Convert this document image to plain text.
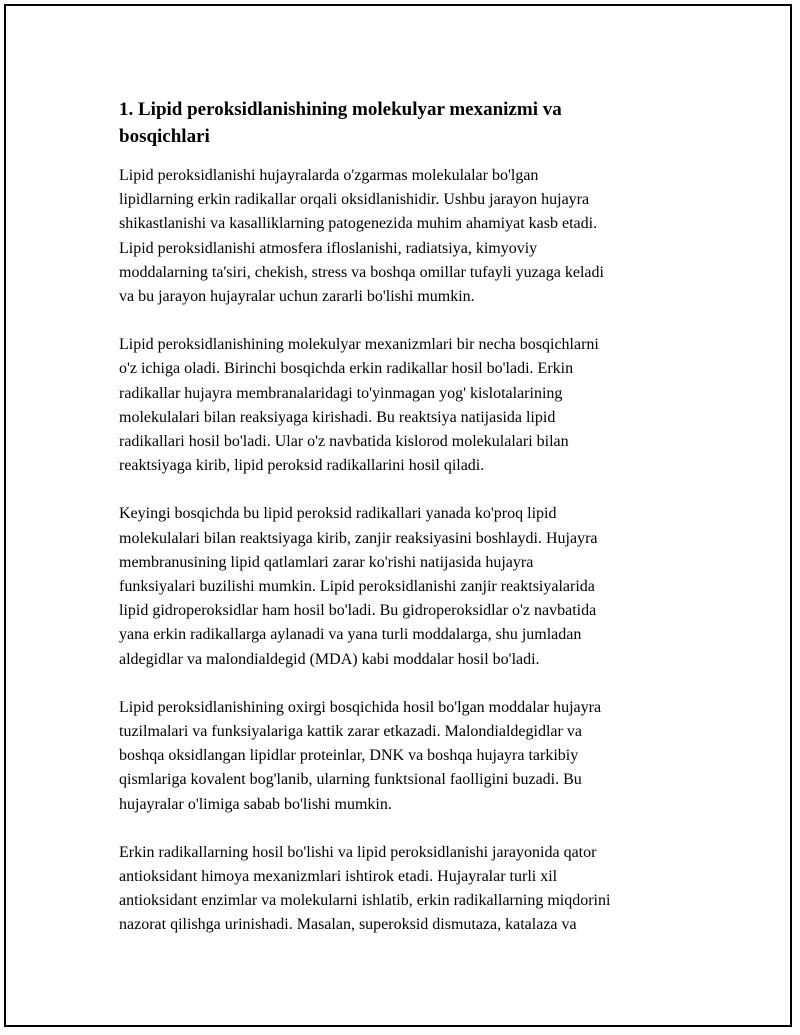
1. Lipid peroksidlanishining molekulyar mexanizmi va
bosqichlari

Lipid peroksidlanishi hujayralarda o'zgarmas molekulalar bo'lgan
lipidlarning erkin radikallar orqali oksidlanishidir. Ushbu jarayon hujayra
shikastlanishi va kasalliklarning patogenezida muhim ahamiyat kasb etadi.
Lipid peroksidlanishi atmosfera ifloslanishi, radiatsiya, kimyoviy
moddalarning ta'siri, chekish, stress va boshqa omillar tufayli yuzaga keladi
va bu jarayon hujayralar uchun zararli bo'lishi mumkin.

Lipid peroksidlanishining molekulyar mexanizmlari bir necha bosqichlarni
o'z ichiga oladi. Birinchi bosqichda erkin radikallar hosil bo'ladi. Erkin
radikallar hujayra membranalaridagi to'yinmagan yog' kislotalarining
molekulalari bilan reaksiyaga kirishadi. Bu reaktsiya natijasida lipid
radikallari hosil bo'ladi. Ular o'z navbatida kislorod molekulalari bilan
reaktsiyaga kirib, lipid peroksid radikallarini hosil qiladi.

Keyingi bosqichda bu lipid peroksid radikallari yanada ko'proq lipid
molekulalari bilan reaktsiyaga kirib, zanjir reaksiyasini boshlaydi. Hujayra
membranusining lipid qatlamlari zarar ko'rishi natijasida hujayra
funksiyalari buzilishi mumkin. Lipid peroksidlanishi zanjir reaktsiyalarida
lipid gidroperoksidlar ham hosil bo'ladi. Bu gidroperoksidlar o'z navbatida
yana erkin radikallarga aylanadi va yana turli moddalarga, shu jumladan
aldegidlar va malondialdegid (MDA) kabi moddalar hosil bo'ladi.

Lipid peroksidlanishining oxirgi bosqichida hosil bo'lgan moddalar hujayra
tuzilmalari va funksiyalariga kattik zarar etkazadi. Malondialdegidlar va
boshqa oksidlangan lipidlar proteinlar, DNK va boshqa hujayra tarkibiy
qismlariga kovalent bog'lanib, ularning funktsional faolligini buzadi. Bu
hujayralar o'limiga sabab bo'lishi mumkin.

Erkin radikallarning hosil bo'lishi va lipid peroksidlanishi jarayonida qator
antioksidant himoya mexanizmlari ishtirok etadi. Hujayralar turli xil
antioksidant enzimlar va molekularni ishlatib, erkin radikallarning miqdorini
nazorat qilishga urinishadi. Masalan, superoksid dismutaza, katalaza va
